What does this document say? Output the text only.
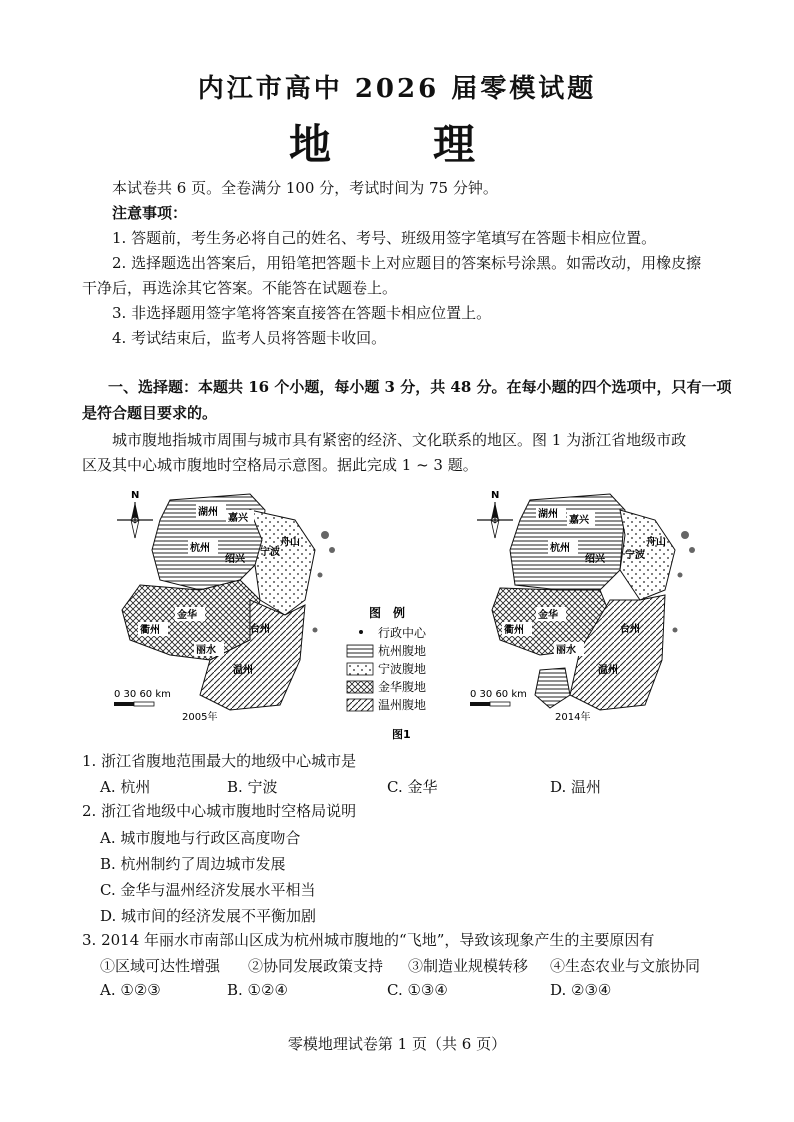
内江市高中 2026 届零模试题
地　理
本试卷共 6 页。全卷满分 100 分，考试时间为 75 分钟。
注意事项：
1. 答题前，考生务必将自己的姓名、考号、班级用签字笔填写在答题卡相应位置。
2. 选择题选出答案后，用铅笔把答题卡上对应题目的答案标号涂黑。如需改动，用橡皮擦
干净后，再选涂其它答案。不能答在试题卷上。
3. 非选择题用签字笔将答案直接答在答题卡相应位置上。
4. 考试结束后，监考人员将答题卡收回。
一、选择题：本题共 16 个小题，每小题 3 分，共 48 分。在每小题的四个选项中，只有一项
是符合题目要求的。
城市腹地指城市周围与城市具有紧密的经济、文化联系的地区。图 1 为浙江省地级市政
区及其中心城市腹地时空格局示意图。据此完成 1 ~ 3 题。
N
湖州
嘉兴
杭州
绍兴
宁波
舟山
衢州
金华
台州
丽水
温州
0 30 60 km
2005年
图　例
行政中心
杭州腹地
宁波腹地
金华腹地
温州腹地
N
湖州
嘉兴
杭州
绍兴 宁波
舟山
衢州
金华
台州
丽水
温州
0 30 60 km
2014年
图1
1. 浙江省腹地范围最大的地级中心城市是
A. 杭州	B. 宁波	C. 金华	D. 温州
2. 浙江省地级中心城市腹地时空格局说明
A. 城市腹地与行政区高度吻合
B. 杭州制约了周边城市发展
C. 金华与温州经济发展水平相当
D. 城市间的经济发展不平衡加剧
3. 2014 年丽水市南部山区成为杭州城市腹地的“飞地”，导致该现象产生的主要原因有
①区域可达性增强 ②协同发展政策支持 ③制造业规模转移 ④生态农业与文旅协同
A. ①②③	B. ①②④	C. ①③④	D. ②③④
零模地理试卷第 1 页（共 6 页）
